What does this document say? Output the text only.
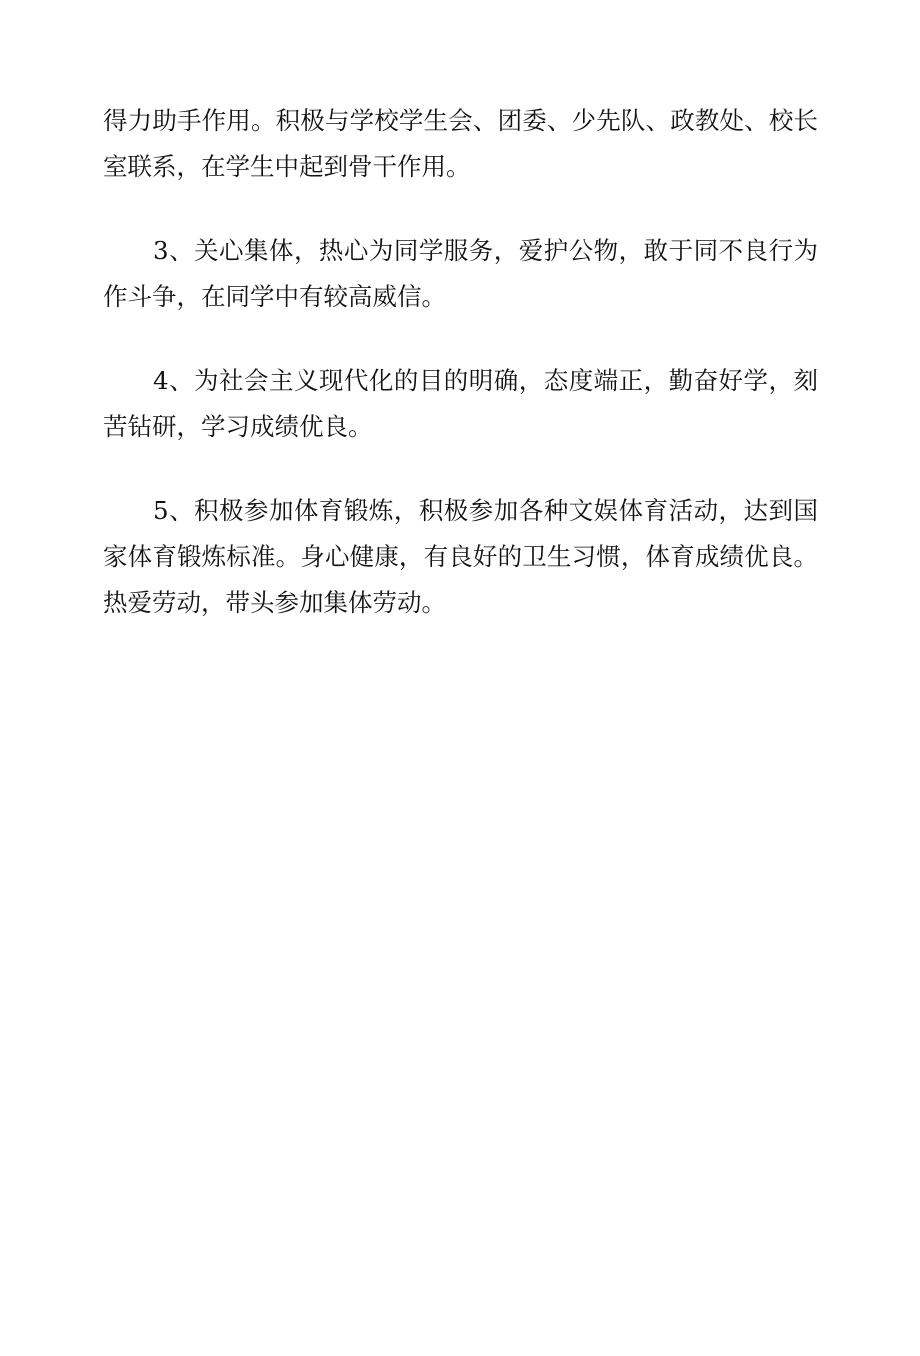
得力助手作用。积极与学校学生会、团委、少先队、政教处、校长室联系，在学生中起到骨干作用。

3、关心集体，热心为同学服务，爱护公物，敢于同不良行为作斗争，在同学中有较高威信。

4、为社会主义现代化的目的明确，态度端正，勤奋好学，刻苦钻研，学习成绩优良。

5、积极参加体育锻炼，积极参加各种文娱体育活动，达到国家体育锻炼标准。身心健康，有良好的卫生习惯，体育成绩优良。热爱劳动，带头参加集体劳动。
